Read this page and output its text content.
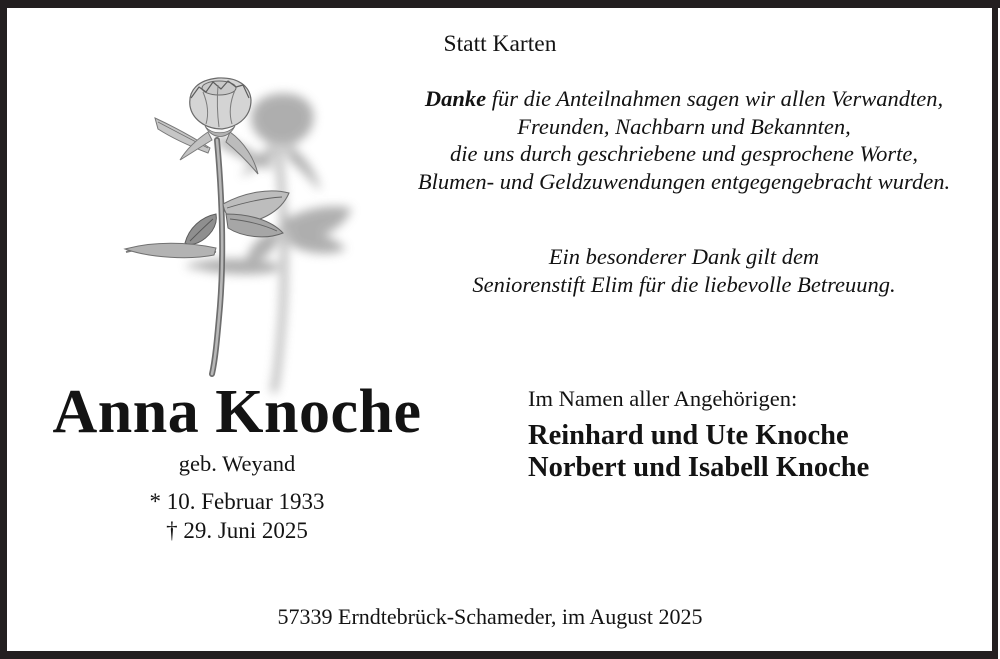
Statt Karten
Danke für die Anteilnahmen sagen wir allen Verwandten,
Freunden, Nachbarn und Bekannten,
die uns durch geschriebene und gesprochene Worte,
Blumen- und Geldzuwendungen entgegengebracht wurden.
Ein besonderer Dank gilt dem
Seniorenstift Elim für die liebevolle Betreuung.
Anna Knoche
geb. Weyand
* 10. Februar 1933
† 29. Juni 2025
Im Namen aller Angehörigen:
Reinhard und Ute Knoche
Norbert und Isabell Knoche
57339 Erndtebrück-Schameder, im August 2025
